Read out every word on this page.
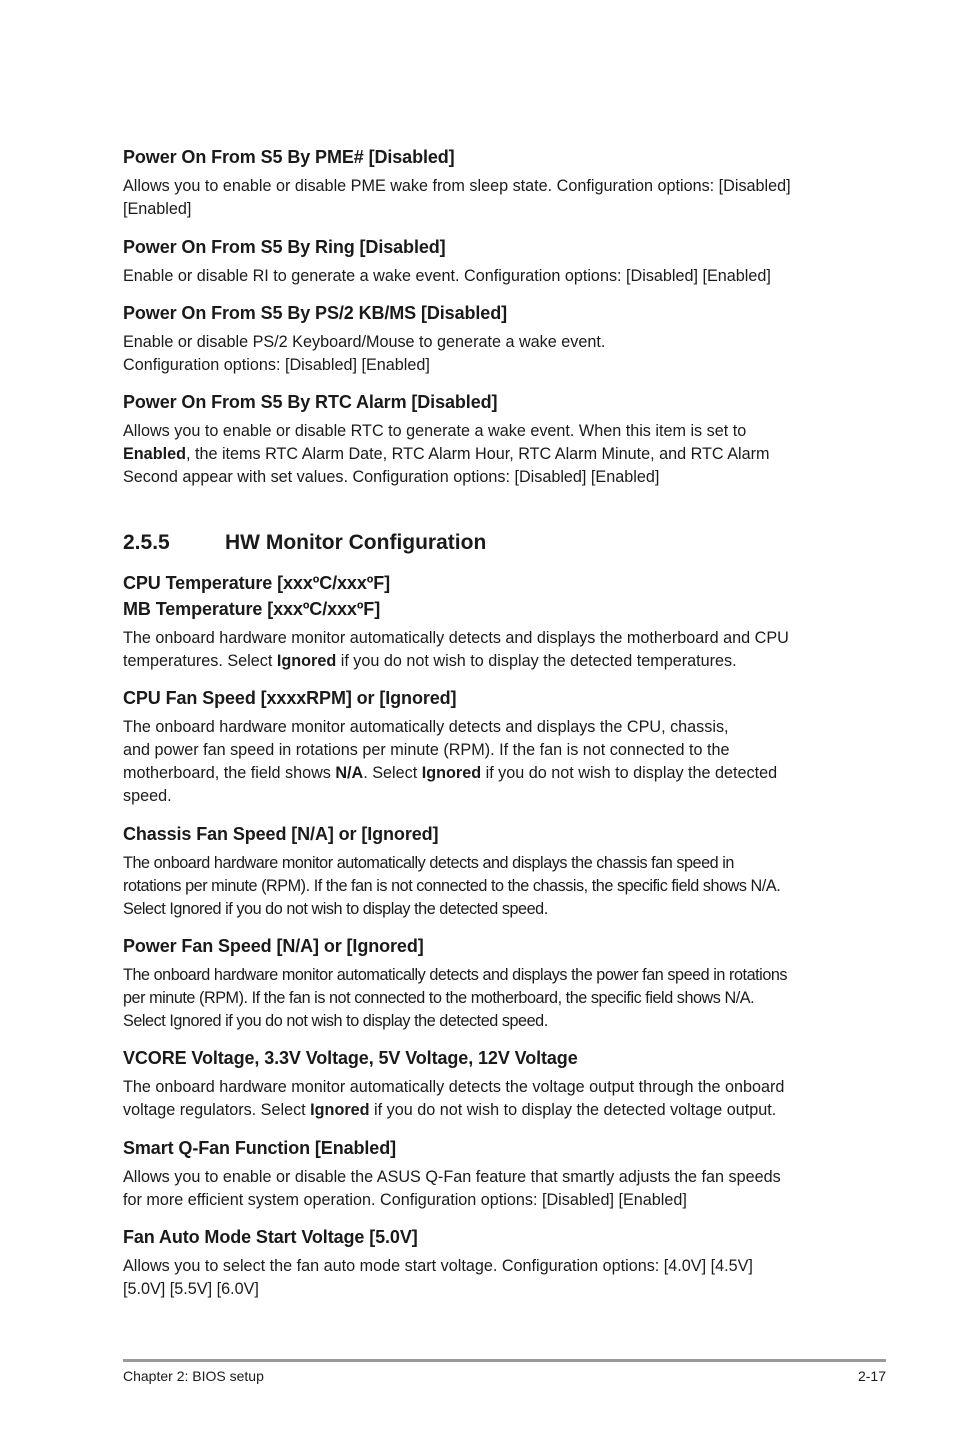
Power On From S5 By PME# [Disabled]

Allows you to enable or disable PME wake from sleep state. Configuration options: [Disabled]
[Enabled]

Power On From S5 By Ring [Disabled]

Enable or disable RI to generate a wake event. Configuration options: [Disabled] [Enabled]

Power On From S5 By PS/2 KB/MS [Disabled]

Enable or disable PS/2 Keyboard/Mouse to generate a wake event.
Configuration options: [Disabled] [Enabled]

Power On From S5 By RTC Alarm [Disabled]

Allows you to enable or disable RTC to generate a wake event. When this item is set to
Enabled, the items RTC Alarm Date, RTC Alarm Hour, RTC Alarm Minute, and RTC Alarm
Second appear with set values. Configuration options: [Disabled] [Enabled]

2.5.5	HW Monitor Configuration
CPU Temperature [xxxºC/xxxºF]
MB Temperature [xxxºC/xxxºF]

The onboard hardware monitor automatically detects and displays the motherboard and CPU
temperatures. Select Ignored if you do not wish to display the detected temperatures.

CPU Fan Speed [xxxxRPM] or [Ignored]

The onboard hardware monitor automatically detects and displays the CPU, chassis,
and power fan speed in rotations per minute (RPM). If the fan is not connected to the
motherboard, the field shows N/A. Select Ignored if you do not wish to display the detected
speed.

Chassis Fan Speed [N/A] or [Ignored]

The onboard hardware monitor automatically detects and displays the chassis fan speed in
rotations per minute (RPM). If the fan is not connected to the chassis, the specific field shows N/A.
Select Ignored if you do not wish to display the detected speed.

Power Fan Speed [N/A] or [Ignored]

The onboard hardware monitor automatically detects and displays the power fan speed in rotations
per minute (RPM). If the fan is not connected to the motherboard, the specific field shows N/A.
Select Ignored if you do not wish to display the detected speed.

VCORE Voltage, 3.3V Voltage, 5V Voltage, 12V Voltage

The onboard hardware monitor automatically detects the voltage output through the onboard
voltage regulators. Select Ignored if you do not wish to display the detected voltage output.

Smart Q-Fan Function [Enabled]

Allows you to enable or disable the ASUS Q-Fan feature that smartly adjusts the fan speeds
for more efficient system operation. Configuration options: [Disabled] [Enabled]

Fan Auto Mode Start Voltage [5.0V]

Allows you to select the fan auto mode start voltage. Configuration options: [4.0V] [4.5V]
[5.0V] [5.5V] [6.0V]

Chapter 2: BIOS setup	2-17
